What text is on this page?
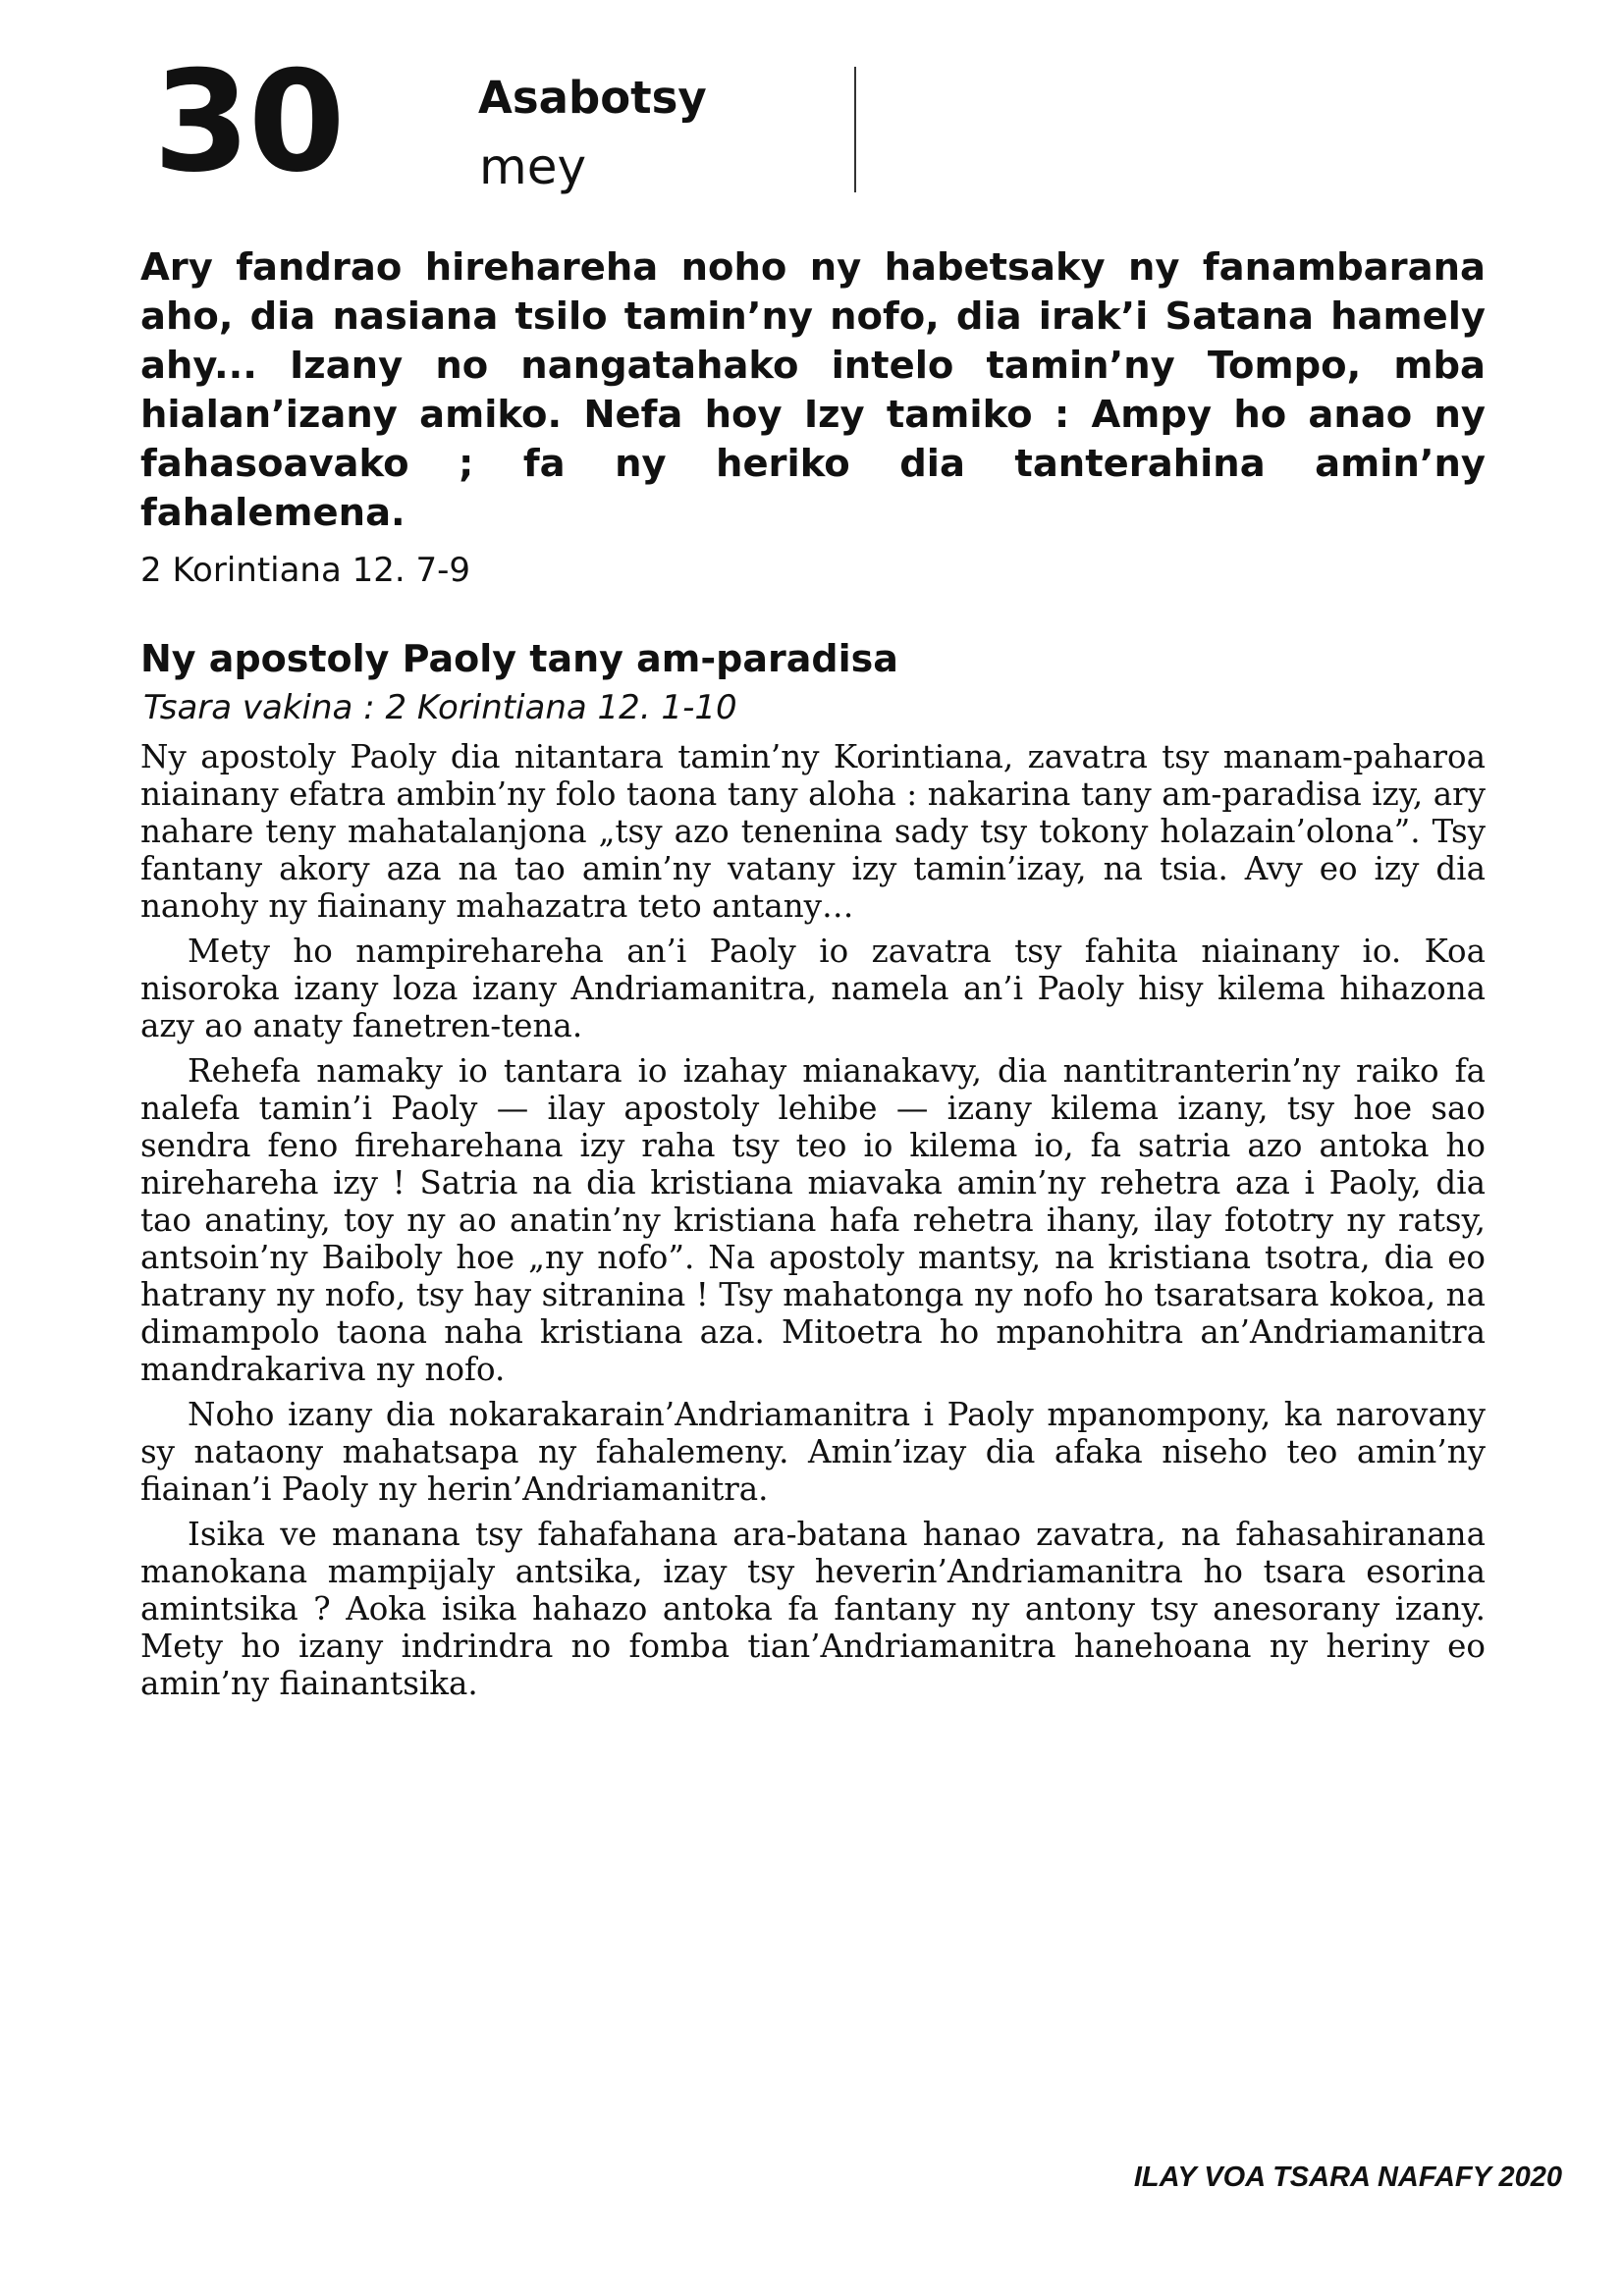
30	Asabotsy
mey
Ary fandrao hirehareha noho ny habetsaky ny fanambarana aho, dia nasiana tsilo tamin’ny nofo, dia irak’i Satana hamely ahy... Izany no nangatahako intelo tamin’ny Tompo, mba hialan’izany amiko. Nefa hoy Izy tamiko : Ampy ho anao ny fahasoavako ; fa ny heriko dia tanterahina amin’ny fahalemena.
2 Korintiana 12. 7-9
Ny apostoly Paoly tany am-paradisa
Tsara vakina : 2 Korintiana 12. 1-10

Ny apostoly Paoly dia nitantara tamin’ny Korintiana, zavatra tsy manam-paharoa niainany efatra ambin’ny folo taona tany aloha : nakarina tany am-paradisa izy, ary nahare teny mahatalanjona „tsy azo tenenina sady tsy tokony holazain’olona”. Tsy fantany akory aza na tao amin’ny vatany izy tamin’izay, na tsia. Avy eo izy dia nanohy ny fiainany mahazatra teto antany…

Mety ho nampirehareha an’i Paoly io zavatra tsy fahita niainany io. Koa nisoroka izany loza izany Andriamanitra, namela an’i Paoly hisy kilema hihazona azy ao anaty fanetren-tena.

Rehefa namaky io tantara io izahay mianakavy, dia nantitranterin’ny raiko fa nalefa tamin’i Paoly — ilay apostoly lehibe — izany kilema izany, tsy hoe sao sendra feno fireharehana izy raha tsy teo io kilema io, fa satria azo antoka ho nirehareha izy ! Satria na dia kristiana miavaka amin’ny rehetra aza i Paoly, dia tao anatiny, toy ny ao anatin’ny kristiana hafa rehetra ihany, ilay fototry ny ratsy, antsoin’ny Baiboly hoe „ny nofo”. Na apostoly mantsy, na kristiana tsotra, dia eo hatrany ny nofo, tsy hay sitranina ! Tsy mahatonga ny nofo ho tsaratsara kokoa, na dimampolo taona naha kristiana aza. Mitoetra ho mpanohitra an’Andriamanitra mandrakariva ny nofo.

Noho izany dia nokarakarain’Andriamanitra i Paoly mpanompony, ka narovany sy nataony mahatsapa ny fahalemeny. Amin’izay dia afaka niseho teo amin’ny fiainan’i Paoly ny herin’Andriamanitra.

Isika ve manana tsy fahafahana ara-batana hanao zavatra, na fahasahiranana manokana mampijaly antsika, izay tsy heverin’Andriamanitra ho tsara esorina amintsika ? Aoka isika hahazo antoka fa fantany ny antony tsy anesorany izany. Mety ho izany indrindra no fomba tian’Andriamanitra hanehoana ny heriny eo amin’ny fiainantsika.

ILAY VOA TSARA NAFAFY 2020
